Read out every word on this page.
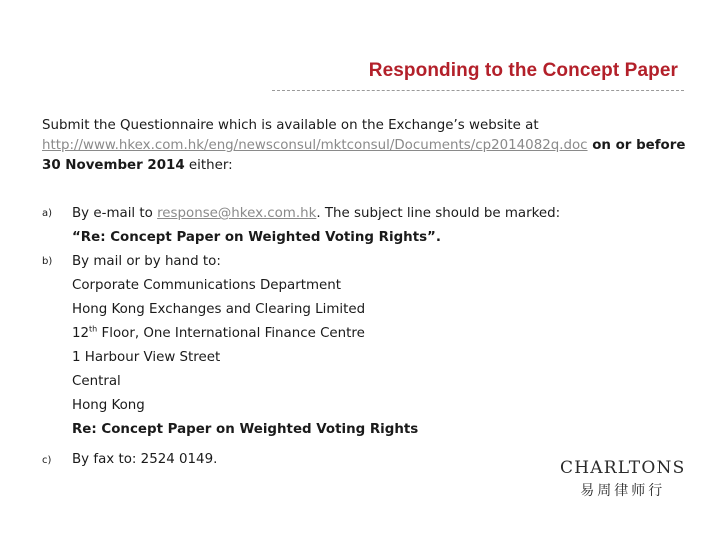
Responding to the Concept Paper
Submit the Questionnaire which is available on the Exchange’s website at
http://www.hkex.com.hk/eng/newsconsul/mktconsul/Documents/cp2014082q.doc on or before
30 November 2014 either:
a) By e-mail to response@hkex.com.hk. The subject line should be marked:
“Re: Concept Paper on Weighted Voting Rights”.
b) By mail or by hand to:
Corporate Communications Department
Hong Kong Exchanges and Clearing Limited
12th Floor, One International Finance Centre
1 Harbour View Street
Central
Hong Kong
Re: Concept Paper on Weighted Voting Rights
c) By fax to: 2524 0149.	CHARLTONS
易周律师行
